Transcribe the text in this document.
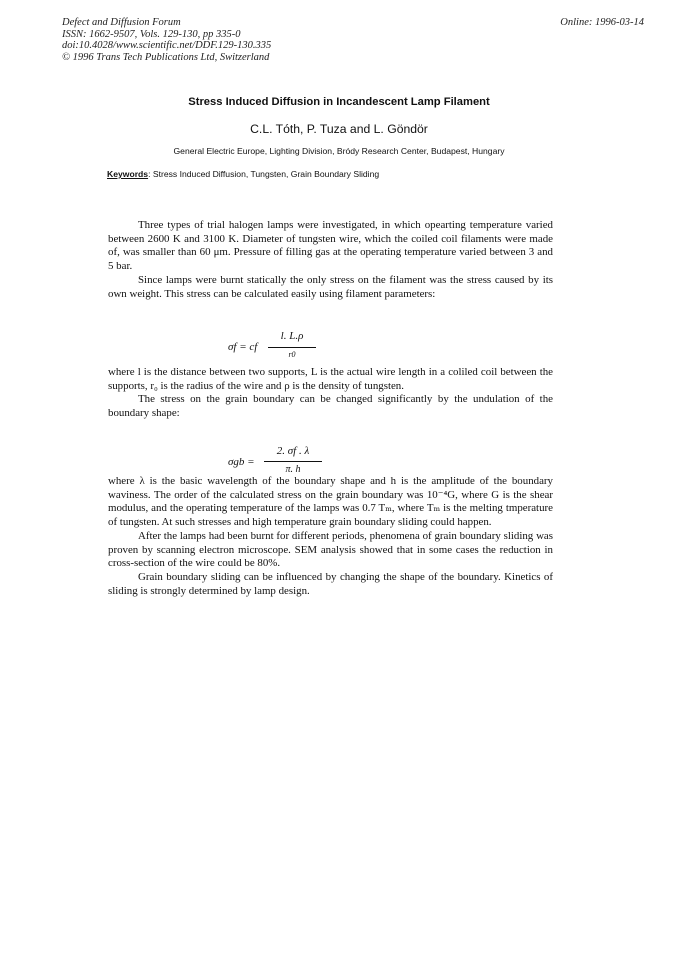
Defect and Diffusion Forum
ISSN: 1662-9507, Vols. 129-130, pp 335-0
doi:10.4028/www.scientific.net/DDF.129-130.335
© 1996 Trans Tech Publications Ltd, Switzerland
Online: 1996-03-14
Stress Induced Diffusion in Incandescent Lamp Filament
C.L. Tóth, P. Tuza and L. Göndör
General Electric Europe, Lighting Division, Bródy Research Center, Budapest, Hungary
Keywords: Stress Induced Diffusion, Tungsten, Grain Boundary Sliding
Three types of trial halogen lamps were investigated, in which opearting temperature varied between 2600 K and 3100 K. Diameter of tungsten wire, which the coiled coil filaments were made of, was smaller than 60 μm. Pressure of filling gas at the operating temperature varied between 3 and 5 bar.
Since lamps were burnt statically the only stress on the filament was the stress caused by its own weight. This stress can be calculated easily using filament parameters:
σf = cf
l. L.ρ
r0
where l is the distance between two supports, L is the actual wire length in a coliled coil between the supports, r₀ is the radius of the wire and ρ is the density of tungsten.
The stress on the grain boundary can be changed significantly by the undulation of the boundary shape:
σgb =
2. σf . λ
π. h
where λ is the basic wavelength of the boundary shape and h is the amplitude of the boundary waviness. The order of the calculated stress on the grain boundary was 10⁻⁴G, where G is the shear modulus, and the operating temperature of the lamps was 0.7 Tₘ, where Tₘ is the melting tmperature of tungsten. At such stresses and high temperature grain boundary sliding could happen.
After the lamps had been burnt for different periods, phenomena of grain boundary sliding was proven by scanning electron microscope. SEM analysis showed that in some cases the reduction in cross-section of the wire could be 80%.
Grain boundary sliding can be influenced by changing the shape of the boundary. Kinetics of sliding is strongly determined by lamp design.
